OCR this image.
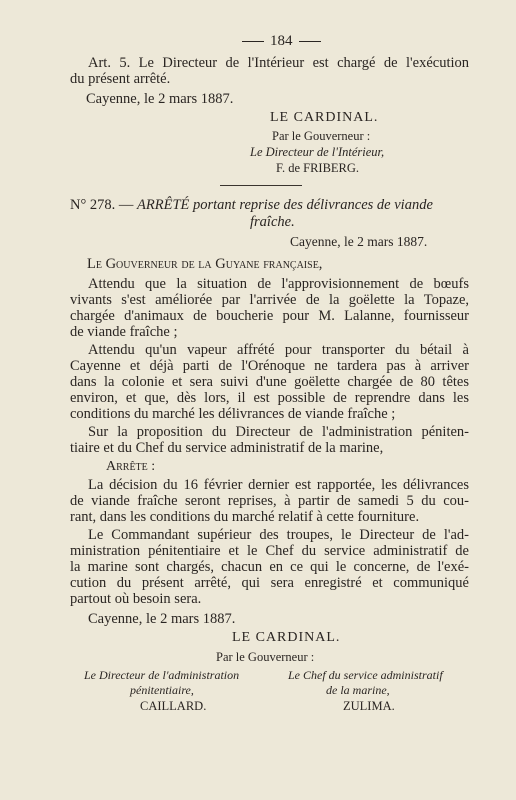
184
Art. 5. Le Directeur de l'Intérieur est chargé de l'exécution
du présent arrêté.
Cayenne, le 2 mars 1887.
LE CARDINAL.
Par le Gouverneur :
Le Directeur de l'Intérieur,
F. de FRIBERG.
N° 278. — ARRÊTÉ portant reprise des délivrances de viande
fraîche.
Cayenne, le 2 mars 1887.
Le Gouverneur de la Guyane française,
Attendu que la situation de l'approvisionnement de bœufs
vivants s'est améliorée par l'arrivée de la goëlette la Topaze,
chargée d'animaux de boucherie pour M. Lalanne, fournisseur
de viande fraîche ;
Attendu qu'un vapeur affrété pour transporter du bétail à
Cayenne et déjà parti de l'Orénoque ne tardera pas à arriver
dans la colonie et sera suivi d'une goëlette chargée de 80 têtes
environ, et que, dès lors, il est possible de reprendre dans les
conditions du marché les délivrances de viande fraîche ;
Sur la proposition du Directeur de l'administration péniten-
tiaire et du Chef du service administratif de la marine,
Arrête :
La décision du 16 février dernier est rapportée, les délivrances
de viande fraîche seront reprises, à partir de samedi 5 du cou-
rant, dans les conditions du marché relatif à cette fourniture.
Le Commandant supérieur des troupes, le Directeur de l'ad-
ministration pénitentiaire et le Chef du service administratif de
la marine sont chargés, chacun en ce qui le concerne, de l'exé-
cution du présent arrêté, qui sera enregistré et communiqué
partout où besoin sera.
Cayenne, le 2 mars 1887.
LE CARDINAL.
Par le Gouverneur :
Le Directeur de l'administration
pénitentiaire,
CAILLARD.
Le Chef du service administratif
de la marine,
ZULIMA.
